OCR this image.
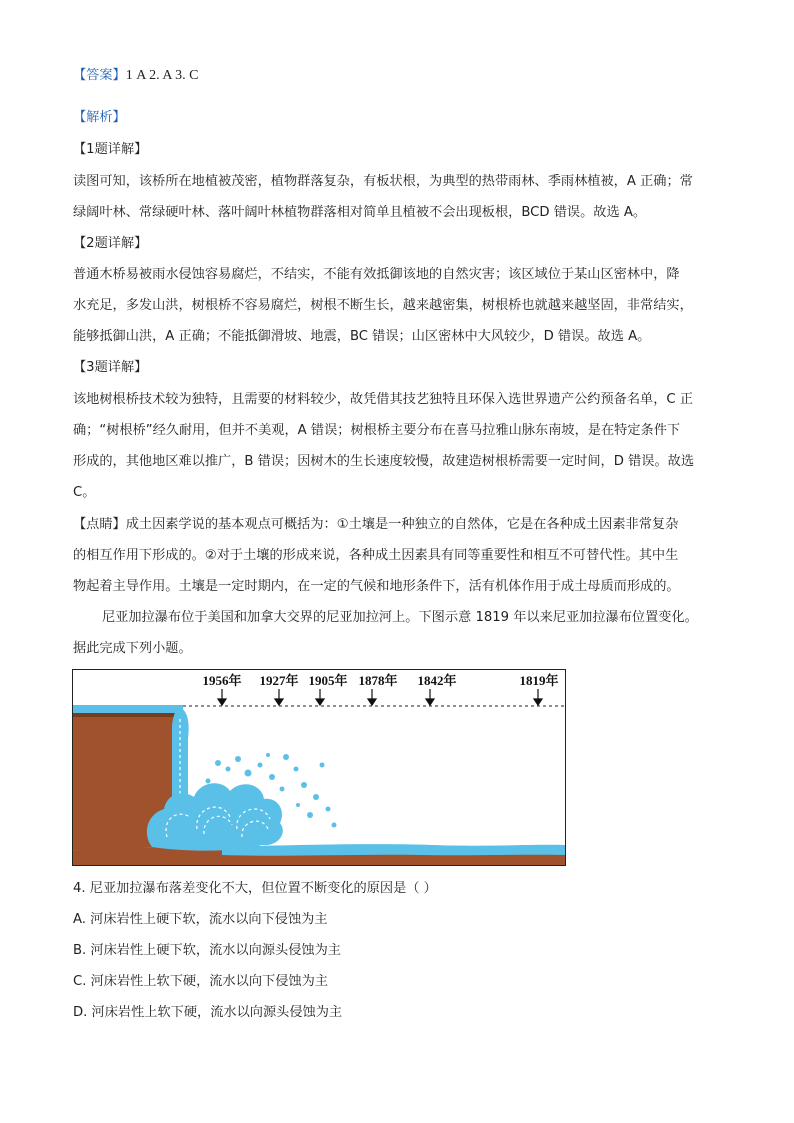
【答案】1 A 2. A 3. C
【解析】
【1题详解】
读图可知，该桥所在地植被茂密，植物群落复杂，有板状根，为典型的热带雨林、季雨林植被，A 正确；常
绿阔叶林、常绿硬叶林、落叶阔叶林植物群落相对简单且植被不会出现板根，BCD 错误。故选 A。
【2题详解】
普通木桥易被雨水侵蚀容易腐烂，不结实，不能有效抵御该地的自然灾害；该区域位于某山区密林中，降
水充足，多发山洪，树根桥不容易腐烂，树根不断生长，越来越密集，树根桥也就越来越坚固，非常结实，
能够抵御山洪，A 正确；不能抵御滑坡、地震，BC 错误；山区密林中大风较少，D 错误。故选 A。
【3题详解】
该地树根桥技术较为独特，且需要的材料较少，故凭借其技艺独特且环保入选世界遗产公约预备名单，C 正
确；“树根桥”经久耐用，但并不美观，A 错误；树根桥主要分布在喜马拉雅山脉东南坡，是在特定条件下
形成的，其他地区难以推广，B 错误；因树木的生长速度较慢，故建造树根桥需要一定时间，D 错误。故选
C。
【点睛】成土因素学说的基本观点可概括为：①土壤是一种独立的自然体，它是在各种成土因素非常复杂
的相互作用下形成的。②对于土壤的形成来说，各种成土因素具有同等重要性和相互不可替代性。其中生
物起着主导作用。土壤是一定时期内，在一定的气候和地形条件下，活有机体作用于成土母质而形成的。
尼亚加拉瀑布位于美国和加拿大交界的尼亚加拉河上。下图示意 1819 年以来尼亚加拉瀑布位置变化。
据此完成下列小题。
1956年 1927年 1905年 1878年 1842年	1819年
4. 尼亚加拉瀑布落差变化不大，但位置不断变化的原因是（ ）
A. 河床岩性上硬下软，流水以向下侵蚀为主
B. 河床岩性上硬下软，流水以向源头侵蚀为主
C. 河床岩性上软下硬，流水以向下侵蚀为主
D. 河床岩性上软下硬，流水以向源头侵蚀为主
